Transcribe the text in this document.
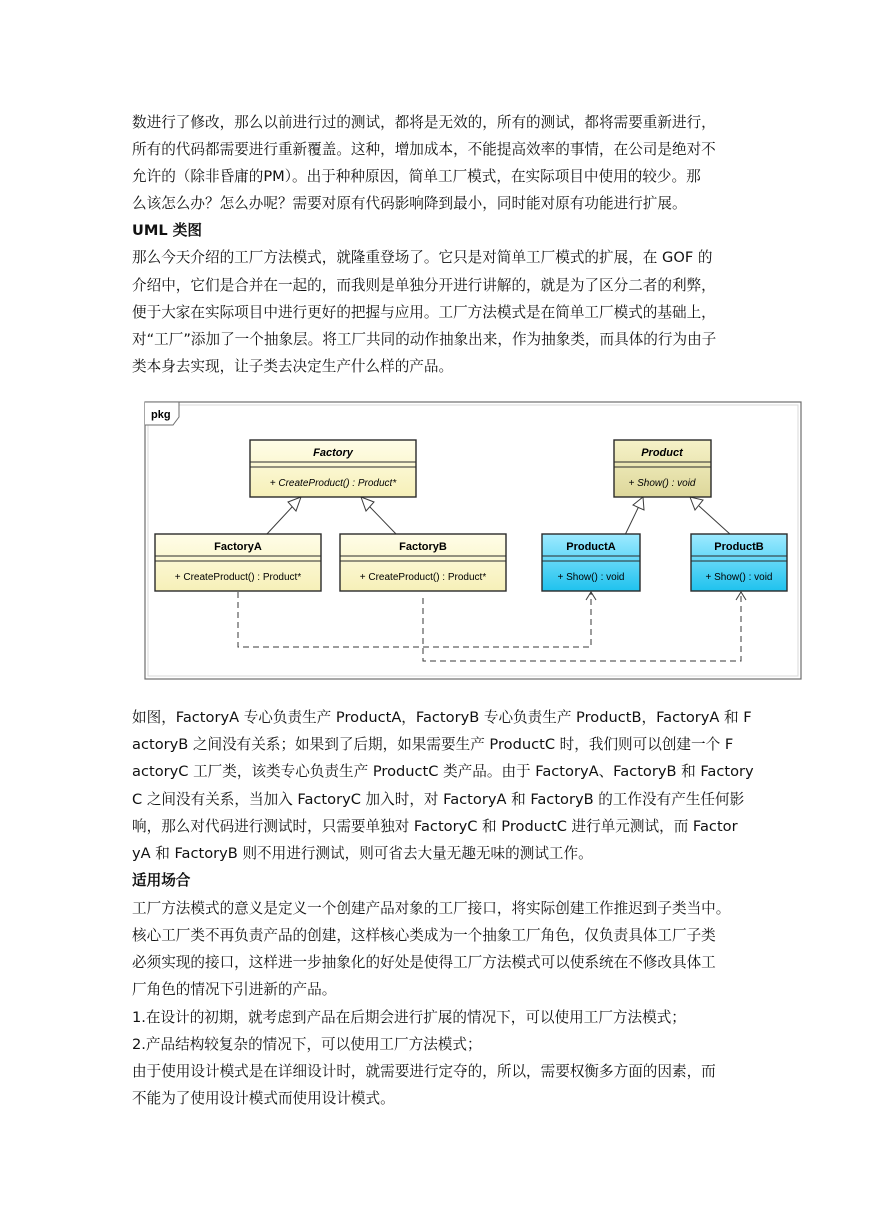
数进行了修改，那么以前进行过的测试，都将是无效的，所有的测试，都将需要重新进行，
所有的代码都需要进行重新覆盖。这种，增加成本，不能提高效率的事情，在公司是绝对不
允许的（除非昏庸的PM）。出于种种原因，简单工厂模式，在实际项目中使用的较少。那
么该怎么办？怎么办呢？需要对原有代码影响降到最小，同时能对原有功能进行扩展。
UML 类图
那么今天介绍的工厂方法模式，就隆重登场了。它只是对简单工厂模式的扩展，在 GOF 的
介绍中，它们是合并在一起的，而我则是单独分开进行讲解的，就是为了区分二者的利弊，
便于大家在实际项目中进行更好的把握与应用。工厂方法模式是在简单工厂模式的基础上，
对“工厂”添加了一个抽象层。将工厂共同的动作抽象出来，作为抽象类，而具体的行为由子
类本身去实现，让子类去决定生产什么样的产品。
pkg
Factory
+ CreateProduct() : Product*
Product
+ Show() : void
FactoryA
+ CreateProduct() : Product*
FactoryB
+ CreateProduct() : Product*
ProductA
+ Show() : void
ProductB
+ Show() : void
如图，FactoryA 专心负责生产 ProductA，FactoryB 专心负责生产 ProductB，FactoryA 和 F
actoryB 之间没有关系；如果到了后期，如果需要生产 ProductC 时，我们则可以创建一个 F
actoryC 工厂类，该类专心负责生产 ProductC 类产品。由于 FactoryA、FactoryB 和 Factory
C 之间没有关系，当加入 FactoryC 加入时，对 FactoryA 和 FactoryB 的工作没有产生任何影
响，那么对代码进行测试时，只需要单独对 FactoryC 和 ProductC 进行单元测试，而 Factor
yA 和 FactoryB 则不用进行测试，则可省去大量无趣无味的测试工作。
适用场合
工厂方法模式的意义是定义一个创建产品对象的工厂接口，将实际创建工作推迟到子类当中。
核心工厂类不再负责产品的创建，这样核心类成为一个抽象工厂角色，仅负责具体工厂子类
必须实现的接口，这样进一步抽象化的好处是使得工厂方法模式可以使系统在不修改具体工
厂角色的情况下引进新的产品。
1.在设计的初期，就考虑到产品在后期会进行扩展的情况下，可以使用工厂方法模式；
2.产品结构较复杂的情况下，可以使用工厂方法模式；
由于使用设计模式是在详细设计时，就需要进行定夺的，所以，需要权衡多方面的因素，而
不能为了使用设计模式而使用设计模式。
